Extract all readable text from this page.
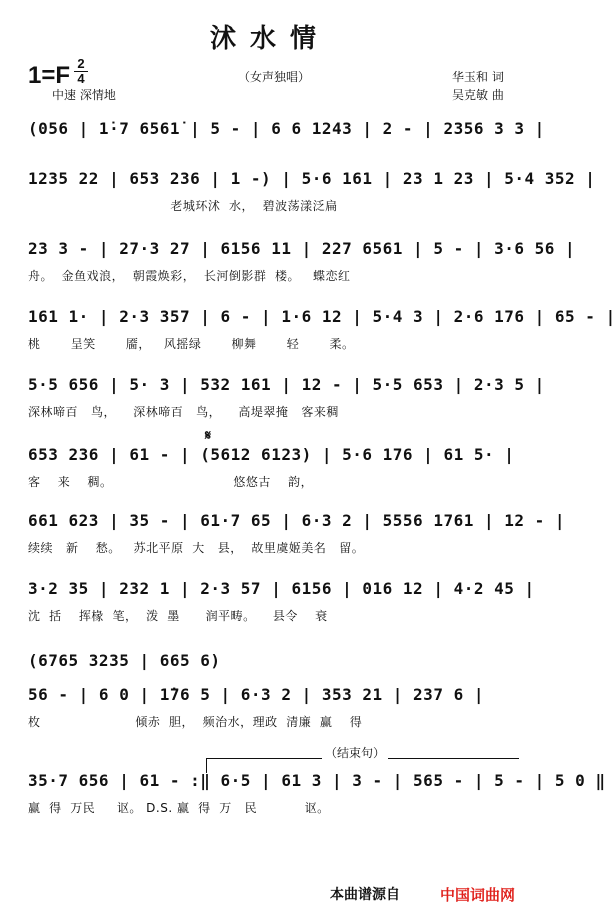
沭水情
1=F 2
4
中速 深情地
（女声独唱）	华玉和 词
吴克敏 曲
(056 | 1̇·7 6561̇ | 5 - | 6 6 1243 | 2 - | 2356 3 3 |
1235 22 | 653 236 | 1 -) | 5·6 161 | 23 1 23 | 5·4 352 |
老城环沭  水，  碧波荡漾泛扁
23 3 - | 27·3 27 | 6156 11 | 227 6561 | 5 - | 3·6 56 |
舟。  金鱼戏浪，  朝霞焕彩，  长河倒影群  楼。   蝶恋红
161 1· | 2·3 357 | 6 - | 1·6 12 | 5·4 3 | 2·6 176 | 65 - |
桃       呈笑       靥，   风摇绿       柳舞       轻       柔。
5·5 656 | 5· 3 | 532 161 | 12 - | 5·5 653 | 2·3 5 |
深林啼百   鸟，    深林啼百   鸟，    高堤翠掩   客来稠
653 236 | 61 - | (5612 6123) | 5·6 176 | 61 5· |
客    来    稠。                            悠悠古    韵，
661 623 | 35 - | 61·7 65 | 6·3 2 | 5556 1761 | 12 - |
续续   新    愁。   苏北平原  大   县，  故里虞姬美名   留。
3·2 35 | 232 1 | 2·3 57 | 6156 | 016 12 | 4·2 45 |
沈  括    挥椽  笔，  泼  墨      润平畴。    县令    衰
(6765 3235 | 665 6)
56 - | 6 0 | 1̇76 5 | 6·3 2 | 353 21 | 237 6 |
枚                      倾赤  胆，  频治水，理政  清廉  赢    得
35·7 656 | 61 - :‖ 6·5 | 61 3 | 3 - | 565 - | 5 - | 5 0 ‖
赢  得  万民     讴。 D.S. 赢  得  万   民           讴。
𝄋
（结束句）
本曲谱源自	中国词曲网
